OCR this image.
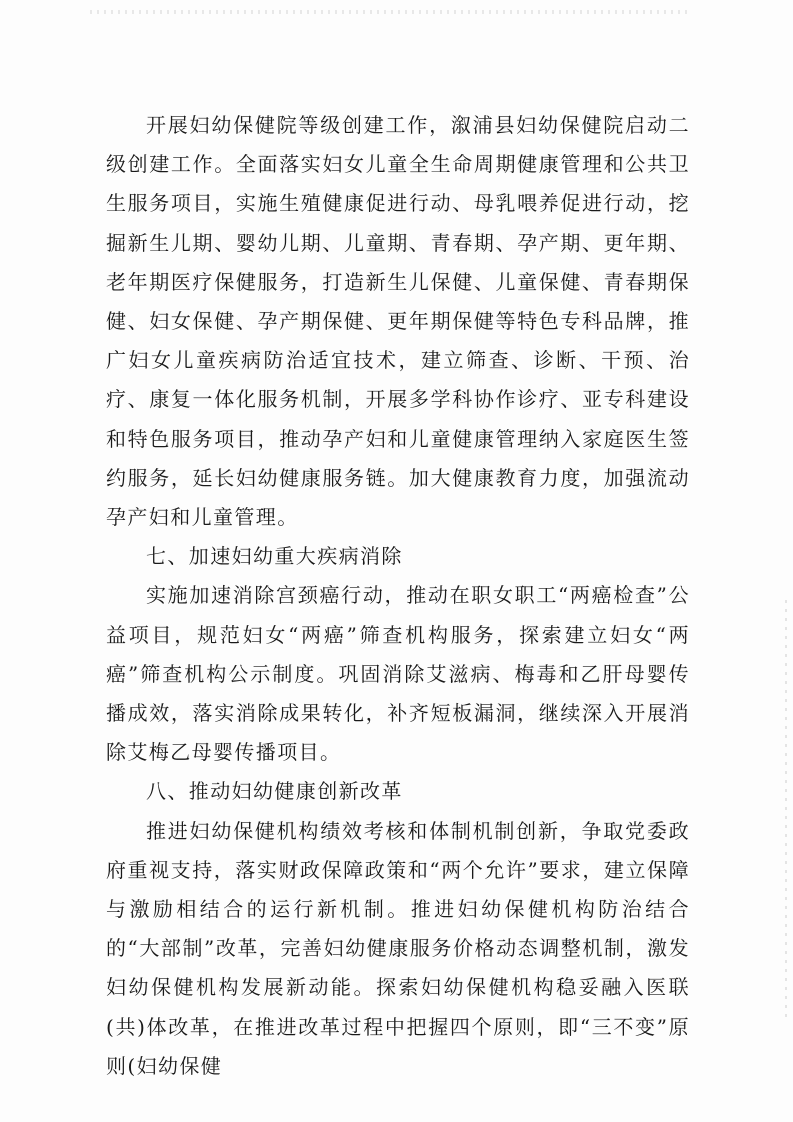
开展妇幼保健院等级创建工作，溆浦县妇幼保健院启动二级创建工作。全面落实妇女儿童全生命周期健康管理和公共卫生服务项目，实施生殖健康促进行动、母乳喂养促进行动，挖掘新生儿期、婴幼儿期、儿童期、青春期、孕产期、更年期、老年期医疗保健服务，打造新生儿保健、儿童保健、青春期保健、妇女保健、孕产期保健、更年期保健等特色专科品牌，推广妇女儿童疾病防治适宜技术，建立筛查、诊断、干预、治疗、康复一体化服务机制，开展多学科协作诊疗、亚专科建设和特色服务项目，推动孕产妇和儿童健康管理纳入家庭医生签约服务，延长妇幼健康服务链。加大健康教育力度，加强流动孕产妇和儿童管理。

七、加速妇幼重大疾病消除

实施加速消除宫颈癌行动，推动在职女职工“两癌检查”公益项目，规范妇女“两癌”筛查机构服务，探索建立妇女“两癌”筛查机构公示制度。巩固消除艾滋病、梅毒和乙肝母婴传播成效，落实消除成果转化，补齐短板漏洞，继续深入开展消除艾梅乙母婴传播项目。

八、推动妇幼健康创新改革

推进妇幼保健机构绩效考核和体制机制创新，争取党委政府重视支持，落实财政保障政策和“两个允许”要求，建立保障与激励相结合的运行新机制。推进妇幼保健机构防治结合的“大部制”改革，完善妇幼健康服务价格动态调整机制，激发妇幼保健机构发展新动能。探索妇幼保健机构稳妥融入医联(共)体改革，在推进改革过程中把握四个原则，即“三不变”原则(妇幼保健
